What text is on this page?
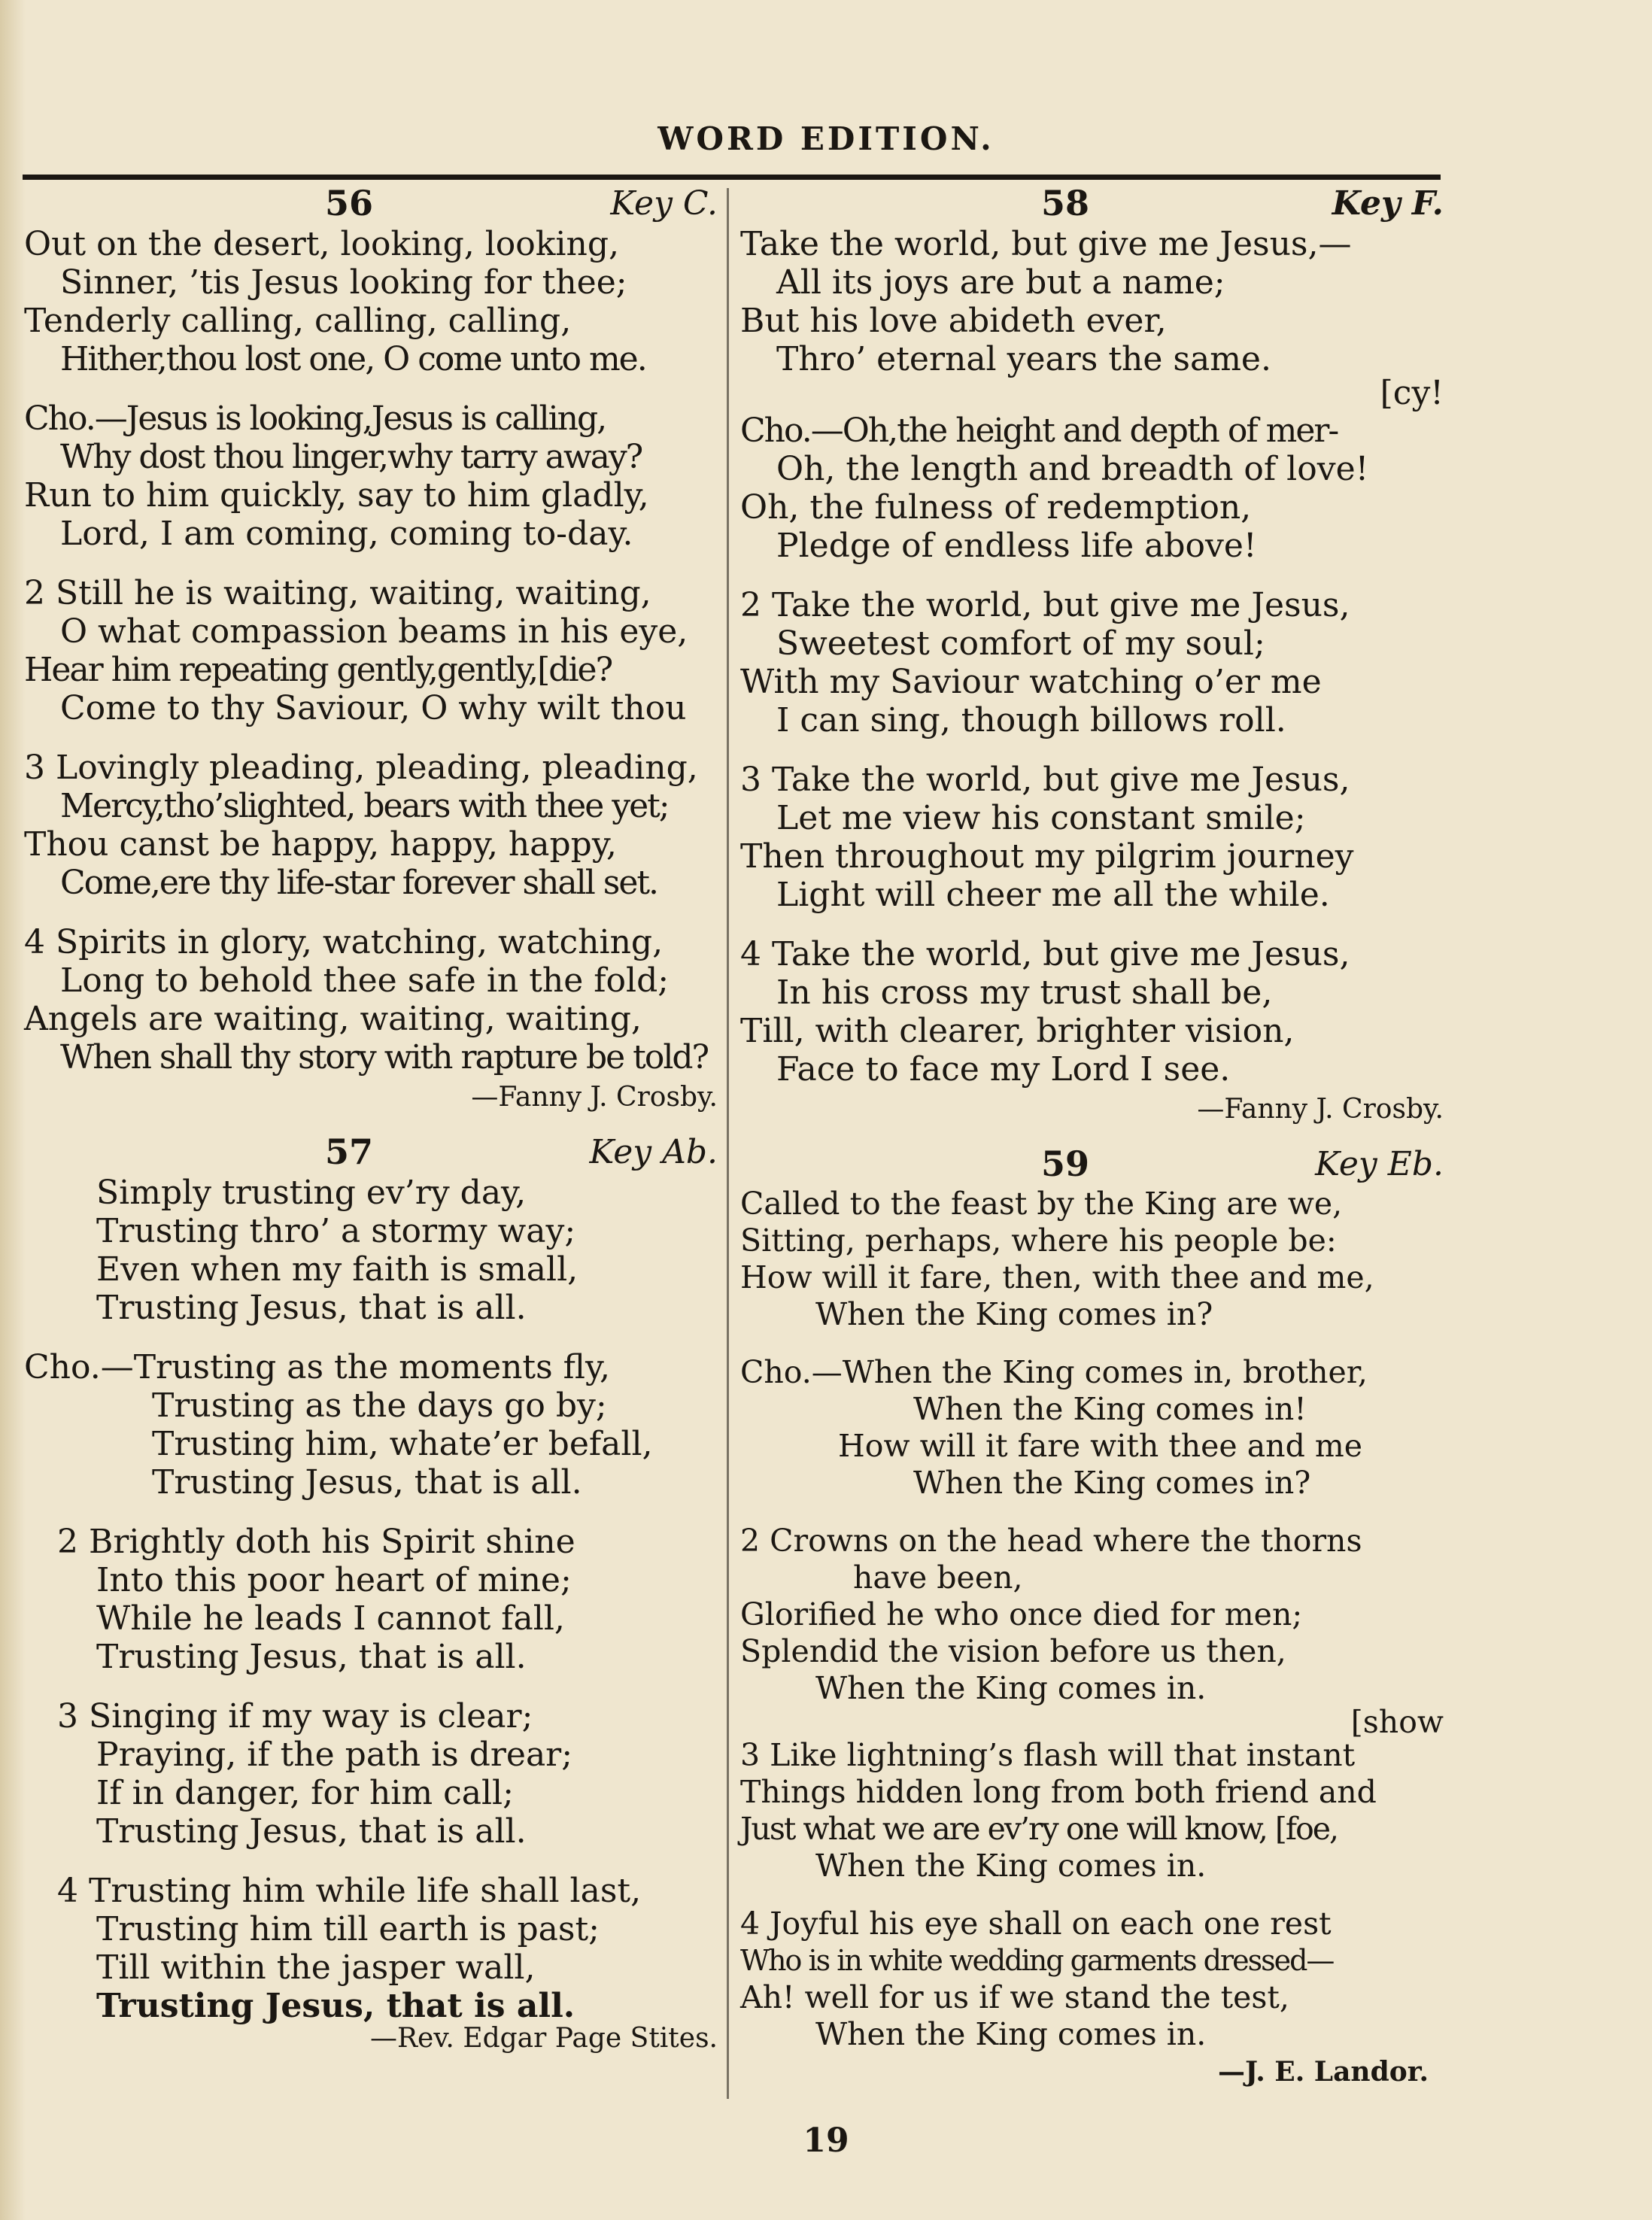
WORD EDITION.
56	Key C.
Out on the desert, looking, looking,
Sinner, ’tis Jesus looking for thee;
Tenderly calling, calling, calling,
Hither,thou lost one, O come unto me.
Cho.—Jesus is looking,Jesus is calling,
Why dost thou linger,why tarry away?
Run to him quickly, say to him gladly,
Lord, I am coming, coming to-day.
2 Still he is waiting, waiting, waiting,
O what compassion beams in his eye,
Hear him repeating gently,gently,[die?
Come to thy Saviour, O why wilt thou
3 Lovingly pleading, pleading, pleading,
Mercy,tho’slighted, bears with thee yet;
Thou canst be happy, happy, happy,
Come,ere thy life-star forever shall set.
4 Spirits in glory, watching, watching,
Long to behold thee safe in the fold;
Angels are waiting, waiting, waiting,
When shall thy story with rapture be told?
—Fanny J. Crosby.
57	Key Ab.
Simply trusting ev’ry day,
Trusting thro’ a stormy way;
Even when my faith is small,
Trusting Jesus, that is all.
Cho.—Trusting as the moments fly,
Trusting as the days go by;
Trusting him, whate’er befall,
Trusting Jesus, that is all.
2 Brightly doth his Spirit shine
Into this poor heart of mine;
While he leads I cannot fall,
Trusting Jesus, that is all.
3 Singing if my way is clear;
Praying, if the path is drear;
If in danger, for him call;
Trusting Jesus, that is all.
4 Trusting him while life shall last,
Trusting him till earth is past;
Till within the jasper wall,
Trusting Jesus, that is all.
—Rev. Edgar Page Stites.
58	Key F.
Take the world, but give me Jesus,—
All its joys are but a name;
But his love abideth ever,
Thro’ eternal years the same.
[cy!
Cho.—Oh,the height and depth of mer-
Oh, the length and breadth of love!
Oh, the fulness of redemption,
Pledge of endless life above!
2 Take the world, but give me Jesus,
Sweetest comfort of my soul;
With my Saviour watching o’er me
I can sing, though billows roll.
3 Take the world, but give me Jesus,
Let me view his constant smile;
Then throughout my pilgrim journey
Light will cheer me all the while.
4 Take the world, but give me Jesus,
In his cross my trust shall be,
Till, with clearer, brighter vision,
Face to face my Lord I see.
—Fanny J. Crosby.
59	Key Eb.
Called to the feast by the King are we,
Sitting, perhaps, where his people be:
How will it fare, then, with thee and me,
When the King comes in?
Cho.—When the King comes in, brother,
When the King comes in!
How will it fare with thee and me
When the King comes in?
2 Crowns on the head where the thorns
have been,
Glorified he who once died for men;
Splendid the vision before us then,
When the King comes in.
[show
3 Like lightning’s flash will that instant
Things hidden long from both friend and
Just what we are ev’ry one will know, [foe,
When the King comes in.
4 Joyful his eye shall on each one rest
Who is in white wedding garments dressed—
Ah! well for us if we stand the test,
When the King comes in.
—J. E. Landor.
19
